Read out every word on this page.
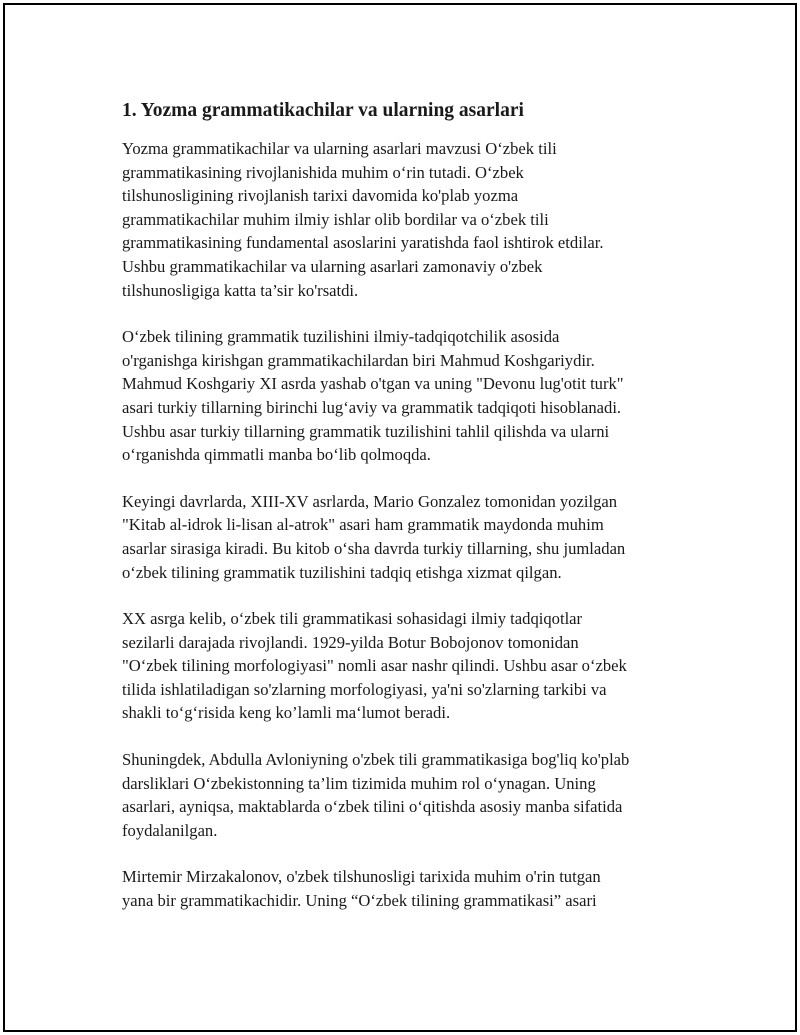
1. Yozma grammatikachilar va ularning asarlari
Yozma grammatikachilar va ularning asarlari mavzusi O‘zbek tili
grammatikasining rivojlanishida muhim o‘rin tutadi. O‘zbek
tilshunosligining rivojlanish tarixi davomida ko'plab yozma
grammatikachilar muhim ilmiy ishlar olib bordilar va o‘zbek tili
grammatikasining fundamental asoslarini yaratishda faol ishtirok etdilar.
Ushbu grammatikachilar va ularning asarlari zamonaviy o'zbek
tilshunosligiga katta ta’sir ko'rsatdi.
O‘zbek tilining grammatik tuzilishini ilmiy-tadqiqotchilik asosida
o'rganishga kirishgan grammatikachilardan biri Mahmud Koshgariydir.
Mahmud Koshgariy XI asrda yashab o'tgan va uning "Devonu lug'otit turk"
asari turkiy tillarning birinchi lug‘aviy va grammatik tadqiqoti hisoblanadi.
Ushbu asar turkiy tillarning grammatik tuzilishini tahlil qilishda va ularni
o‘rganishda qimmatli manba bo‘lib qolmoqda.
Keyingi davrlarda, XIII-XV asrlarda, Mario Gonzalez tomonidan yozilgan
"Kitab al-idrok li-lisan al-atrok" asari ham grammatik maydonda muhim
asarlar sirasiga kiradi. Bu kitob o‘sha davrda turkiy tillarning, shu jumladan
o‘zbek tilining grammatik tuzilishini tadqiq etishga xizmat qilgan.
XX asrga kelib, o‘zbek tili grammatikasi sohasidagi ilmiy tadqiqotlar
sezilarli darajada rivojlandi. 1929-yilda Botur Bobojonov tomonidan
"O‘zbek tilining morfologiyasi" nomli asar nashr qilindi. Ushbu asar o‘zbek
tilida ishlatiladigan so'zlarning morfologiyasi, ya'ni so'zlarning tarkibi va
shakli to‘g‘risida keng ko’lamli ma‘lumot beradi.
Shuningdek, Abdulla Avloniyning o'zbek tili grammatikasiga bog'liq ko'plab
darsliklari O‘zbekistonning ta’lim tizimida muhim rol o‘ynagan. Uning
asarlari, ayniqsa, maktablarda o‘zbek tilini o‘qitishda asosiy manba sifatida
foydalanilgan.
Mirtemir Mirzakalonov, o'zbek tilshunosligi tarixida muhim o'rin tutgan
yana bir grammatikachidir. Uning “O‘zbek tilining grammatikasi” asari
